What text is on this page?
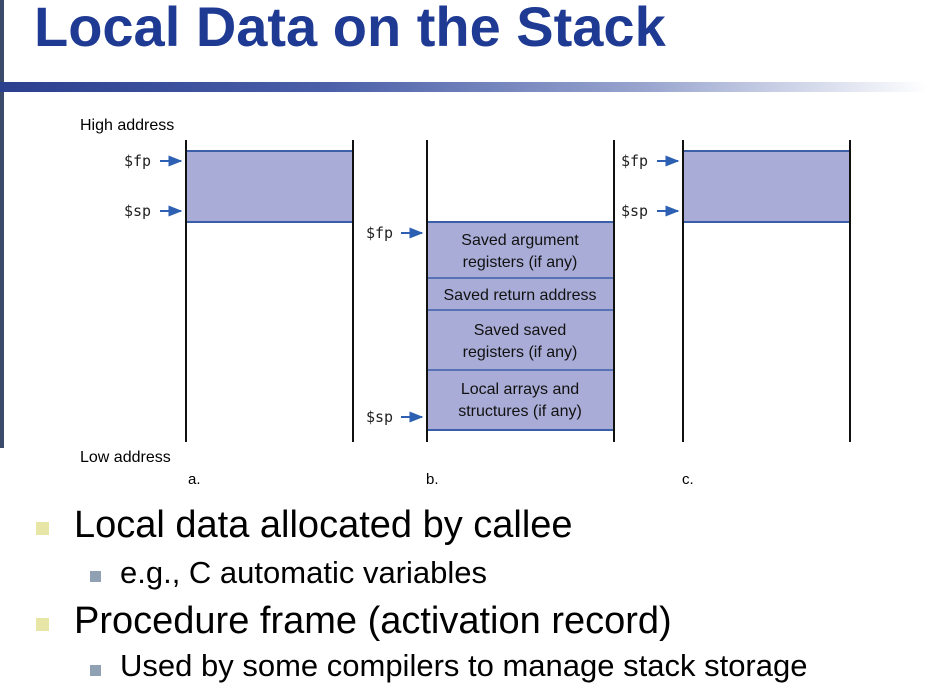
Local Data on the Stack
High address
Low address
$fp
$sp
a.
Saved argument
registers (if any)
Saved return address
Saved saved
registers (if any)
Local arrays and
structures (if any)
$fp
$sp
b.
$fp
$sp
c.
Local data allocated by callee
e.g., C automatic variables
Procedure frame (activation record)
Used by some compilers to manage stack storage
